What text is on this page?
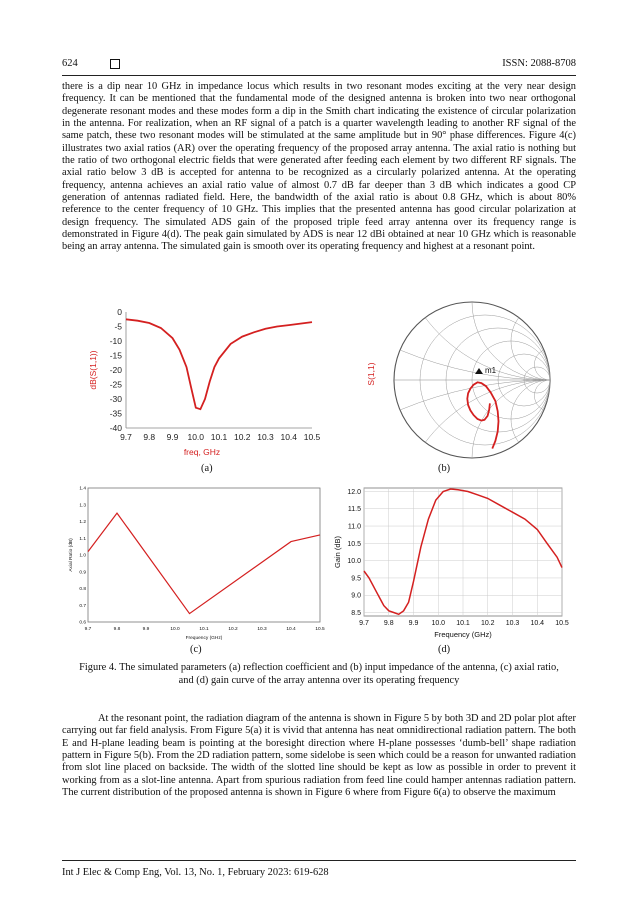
624	ISSN: 2088-8708

there is a dip near 10 GHz in impedance locus which results in two resonant modes exciting at the very near design frequency. It can be mentioned that the fundamental mode of the designed antenna is broken into two near orthogonal degenerate resonant modes and these modes form a dip in the Smith chart indicating the existence of circular polarization in the antenna. For realization, when an RF signal of a patch is a quarter wavelength leading to another RF signal of the same patch, these two resonant modes will be stimulated at the same amplitude but in 90° phase differences. Figure 4(c) illustrates two axial ratios (AR) over the operating frequency of the proposed array antenna. The axial ratio is nothing but the ratio of two orthogonal electric fields that were generated after feeding each element by two different RF signals. The axial ratio below 3 dB is accepted for antenna to be recognized as a circularly polarized antenna. At the operating frequency, antenna achieves an axial ratio value of almost 0.7 dB far deeper than 3 dB which indicates a good CP generation of antennas radiated field. Here, the bandwidth of the axial ratio is about 0.8 GHz, which is about 80% reference to the center frequency of 10 GHz. This implies that the presented antenna has good circular polarization at design frequency. The simulated ADS gain of the proposed triple feed array antenna over its frequency range is demonstrated in Figure 4(d). The peak gain simulated by ADS is near 12 dBi obtained at near 10 GHz which is reasonable being an array antenna. The simulated gain is smooth over its operating frequency and highest at a resonant point.

0
-5
-10
-15
-20
-25
-30
-35
-40
9.7 9.8 9.9 10.0 10.1 10.2 10.3 10.4 10.5
freq, GHz
dB(S(1,1))
(a)
m1
S(1,1)
(b)
1.4
1.3
1.2
1.1
1.0
0.9
0.8
0.7
0.6
9.7	9.8	9.9	10.0	10.1	10.2	10.3	10.4	10.5
Frequency (GHz)
Axial Ratio (dB)
(c)
12.0
11.5
11.0
10.5
10.0
9.5
9.0
8.5
9.7 9.8 9.9 10.0 10.1 10.2 10.3 10.4 10.5
Frequency (GHz)
Gain (dB)
(d)

Figure 4. The simulated parameters (a) reflection coefficient and (b) input impedance of the antenna, (c) axial ratio, and (d) gain curve of the array antenna over its operating frequency

At the resonant point, the radiation diagram of the antenna is shown in Figure 5 by both 3D and 2D polar plot after carrying out far field analysis. From Figure 5(a) it is vivid that antenna has neat omnidirectional radiation pattern. The both E and H-plane leading beam is pointing at the boresight direction where H-plane possesses ‘dumb-bell’ shape radiation pattern in Figure 5(b). From the 2D radiation pattern, some sidelobe is seen which could be a reason for unwanted radiation from slot line placed on backside. The width of the slotted line should be kept as low as possible in order to prevent it working from as a slot-line antenna. Apart from spurious radiation from feed line could hamper antennas radiation pattern. The current distribution of the proposed antenna is shown in Figure 6 where from Figure 6(a) to observe the maximum

Int J Elec & Comp Eng, Vol. 13, No. 1, February 2023: 619-628
